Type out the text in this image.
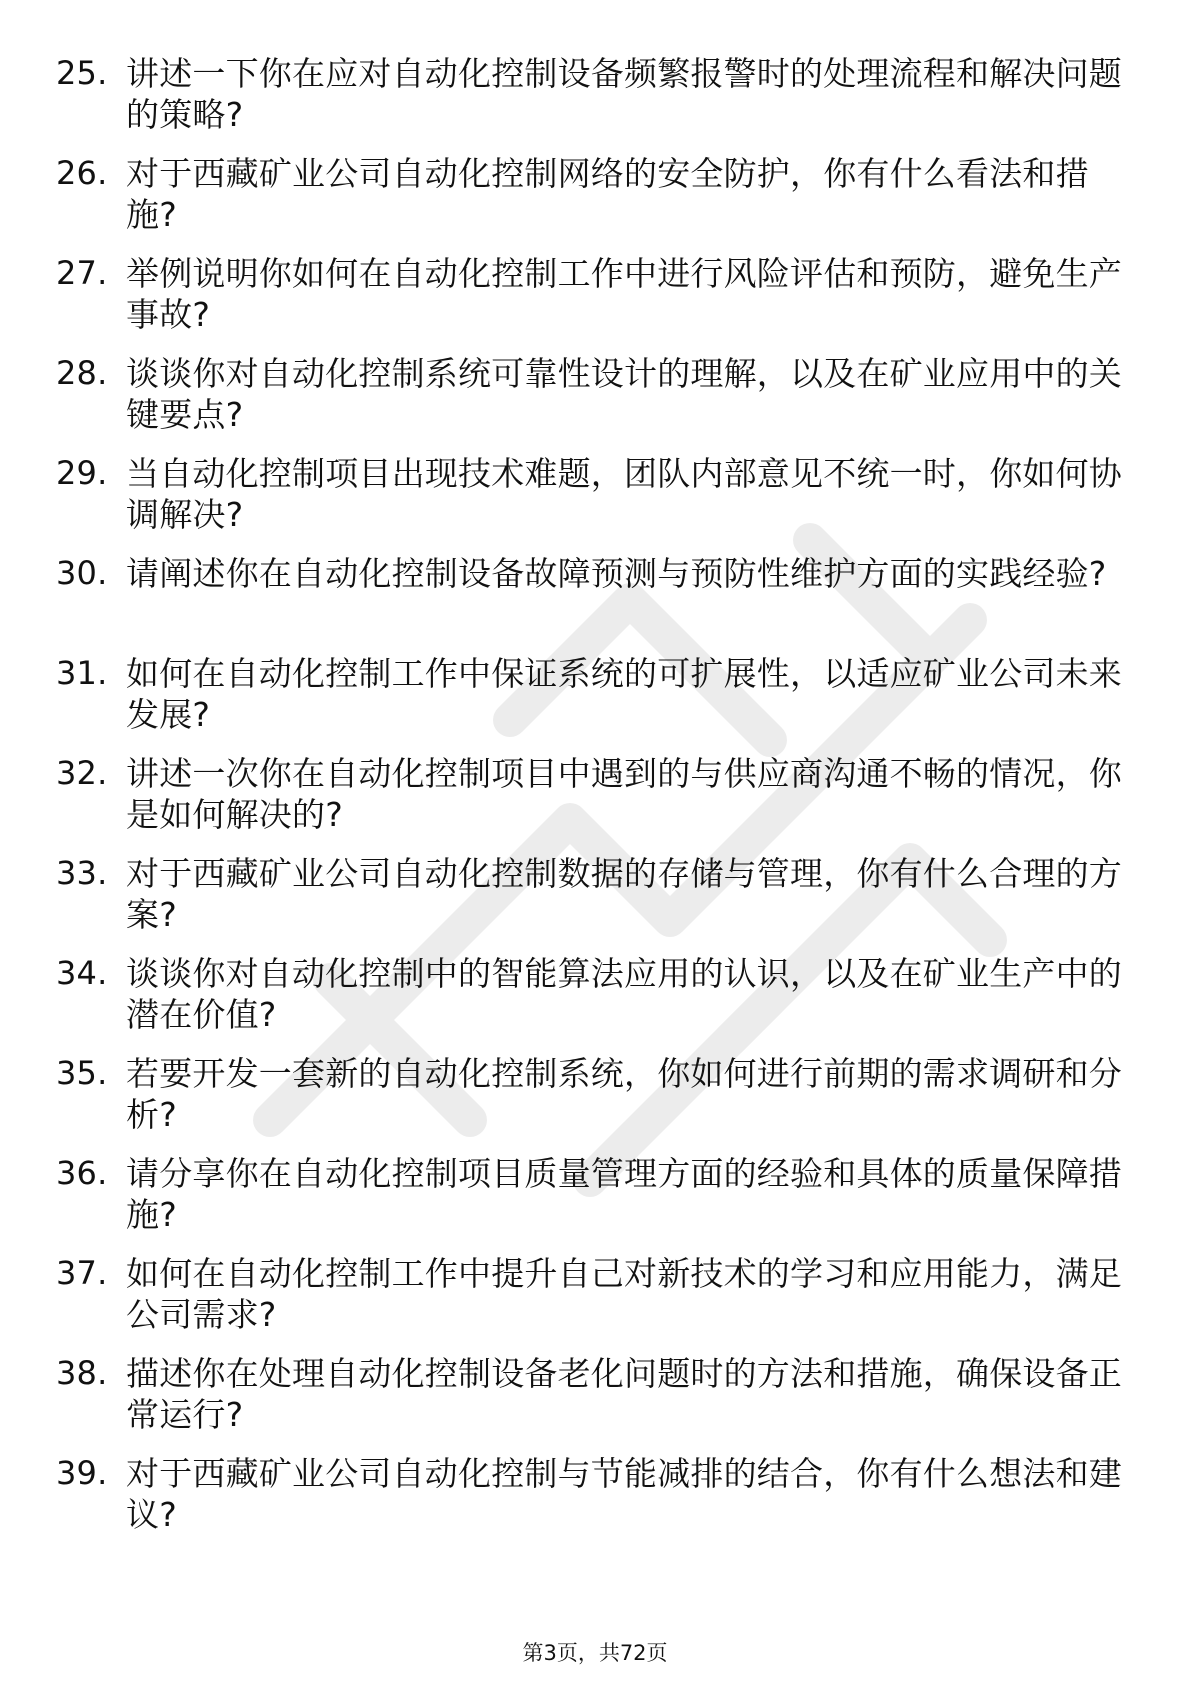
25. 讲述一下你在应对自动化控制设备频繁报警时的处理流程和解决问题的策略?
26. 对于西藏矿业公司自动化控制网络的安全防护，你有什么看法和措施?
27. 举例说明你如何在自动化控制工作中进行风险评估和预防，避免生产事故?
28. 谈谈你对自动化控制系统可靠性设计的理解，以及在矿业应用中的关键要点?
29. 当自动化控制项目出现技术难题，团队内部意见不统一时，你如何协调解决?
30. 请阐述你在自动化控制设备故障预测与预防性维护方面的实践经验?
31. 如何在自动化控制工作中保证系统的可扩展性，以适应矿业公司未来发展?
32. 讲述一次你在自动化控制项目中遇到的与供应商沟通不畅的情况，你是如何解决的?
33. 对于西藏矿业公司自动化控制数据的存储与管理，你有什么合理的方案?
34. 谈谈你对自动化控制中的智能算法应用的认识，以及在矿业生产中的潜在价值?
35. 若要开发一套新的自动化控制系统，你如何进行前期的需求调研和分析?
36. 请分享你在自动化控制项目质量管理方面的经验和具体的质量保障措施?
37. 如何在自动化控制工作中提升自己对新技术的学习和应用能力，满足公司需求?
38. 描述你在处理自动化控制设备老化问题时的方法和措施，确保设备正常运行?
39. 对于西藏矿业公司自动化控制与节能减排的结合，你有什么想法和建议?
第3页，共72页
